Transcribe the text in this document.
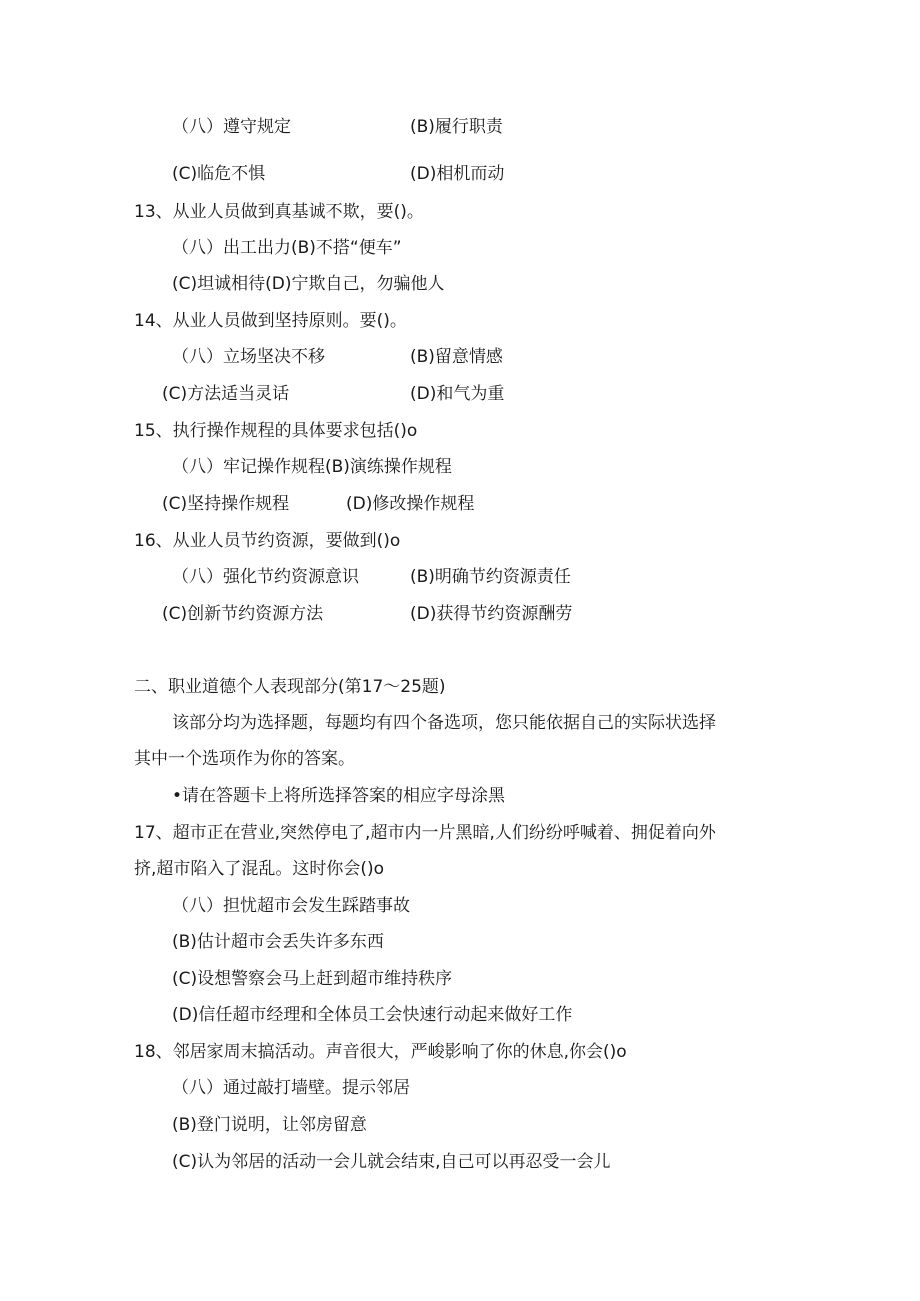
（八）遵守规定	(B)履行职责
(C)临危不惧	(D)相机而动
13、从业人员做到真基诚不欺，要()。
（八）出工出力(B)不搭“便车”
(C)坦诚相待(D)宁欺自己，勿骗他人
14、从业人员做到坚持原则。要()。
（八）立场坚决不移	(B)留意情感
(C)方法适当灵话	(D)和气为重
15、执行操作规程的具体要求包括()o
（八）牢记操作规程(B)演练操作规程
(C)坚持操作规程	(D)修改操作规程
16、从业人员节约资源，要做到()o
（八）强化节约资源意识	(B)明确节约资源责任
(C)创新节约资源方法	(D)获得节约资源酬劳
二、职业道德个人表现部分(第17〜25题)
该部分均为选择题，每题均有四个备选项，您只能依据自己的实际状选择
其中一个选项作为你的答案。
•请在答题卡上将所选择答案的相应字母涂黑
17、超市正在营业,突然停电了,超市内一片黑暗,人们纷纷呼喊着、拥促着向外
挤,超市陷入了混乱。这时你会()o
（八）担忧超市会发生踩踏事故
(B)估计超市会丢失许多东西
(C)设想警察会马上赶到超市维持秩序
(D)信任超市经理和全体员工会快速行动起来做好工作
18、邻居家周末搞活动。声音很大，严峻影响了你的休息,你会()o
（八）通过敲打墙壁。提示邻居
(B)登门说明，让邻房留意
(C)认为邻居的活动一会儿就会结束,自己可以再忍受一会儿
